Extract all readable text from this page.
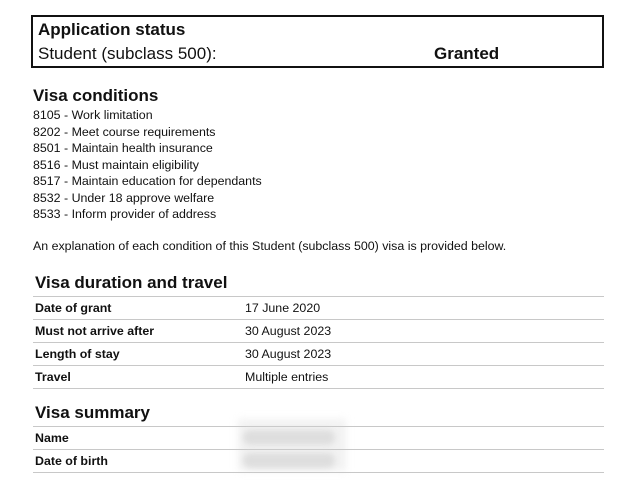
Application status
Student (subclass 500):	Granted
Visa conditions
8105 - Work limitation
8202 - Meet course requirements
8501 - Maintain health insurance
8516 - Must maintain eligibility
8517 - Maintain education for dependants
8532 - Under 18 approve welfare
8533 - Inform provider of address
An explanation of each condition of this Student (subclass 500) visa is provided below.
Visa duration and travel
Date of grant	17 June 2020
Must not arrive after	30 August 2023
Length of stay	30 August 2023
Travel	Multiple entries
Visa summary
Name
Date of birth
